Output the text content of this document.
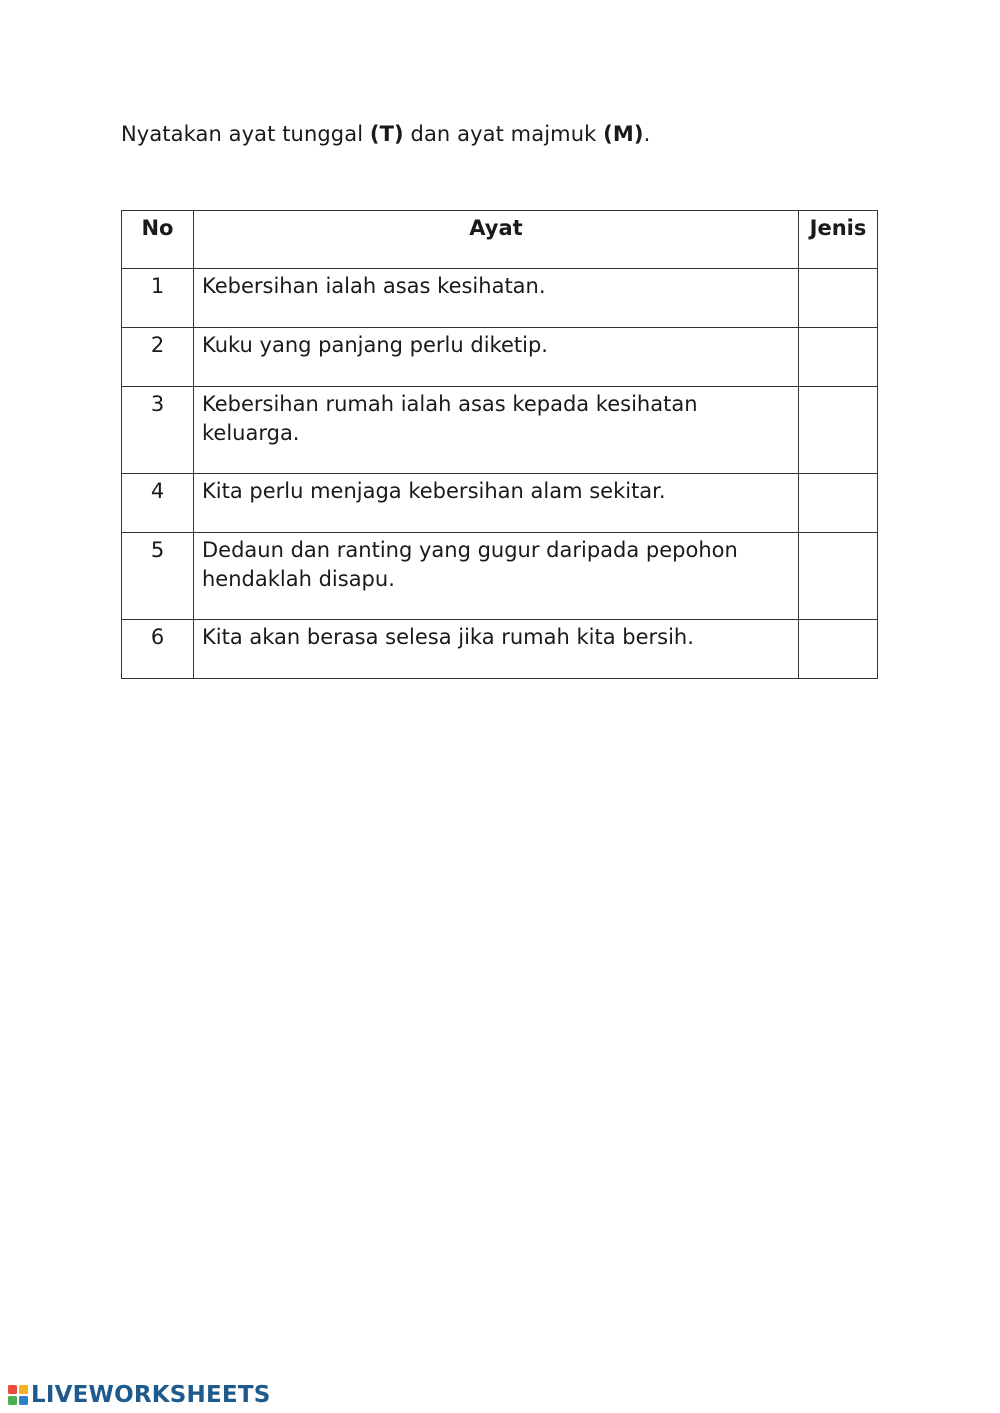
Nyatakan ayat tunggal (T) dan ayat majmuk (M).
No	Ayat	Jenis
1	Kebersihan ialah asas kesihatan.	
2	Kuku yang panjang perlu diketip.	
3	Kebersihan rumah ialah asas kepada kesihatan keluarga.	
4	Kita perlu menjaga kebersihan alam sekitar.	
5	Dedaun dan ranting yang gugur daripada pepohon hendaklah disapu.	
6	Kita akan berasa selesa jika rumah kita bersih.	
LIVEWORKSHEETS
